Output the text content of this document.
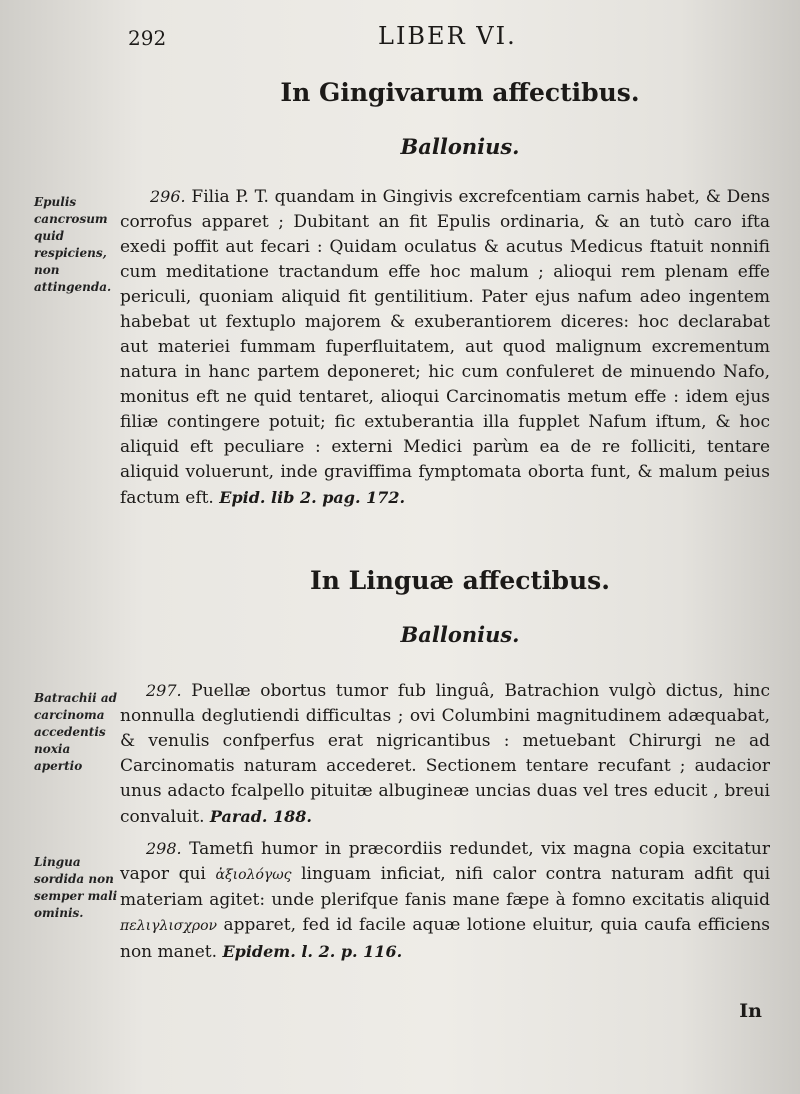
292	LIBER VI.
In Gingivarum affectibus.
Ballonius.
Epulis cancrosum quid respiciens, non attingenda.

296. Filia P. T. quandam in Gingivis excrefcentiam carnis habet, & Dens corrofus apparet ; Dubitant an fit Epulis ordinaria, & an tutò caro ifta exedi poffit aut fecari : Quidam oculatus & acutus Medicus ftatuit nonnifi cum meditatione tractandum effe hoc malum ; alioqui rem plenam effe periculi, quoniam aliquid fit gentilitium. Pater ejus nafum adeo ingentem habebat ut fextuplo majorem & exuberantiorem diceres: hoc declarabat aut materiei fummam fuperfluitatem, aut quod malignum excrementum natura in hanc partem deponeret; hic cum confuleret de minuendo Nafo, monitus eft ne quid tentaret, alioqui Carcinomatis metum effe : idem ejus filiæ contingere potuit; fic extuberantia illa fupplet Nafum iftum, & hoc aliquid eft peculiare : externi Medici parùm ea de re folliciti, tentare aliquid voluerunt, inde graviffima fymptomata oborta funt, & malum peius factum eft. Epid. lib 2. pag. 172.

In Linguæ affectibus.
Ballonius.
Batrachii ad carcinoma accedentis noxia apertio

297. Puellæ obortus tumor fub linguâ, Batrachion vulgò dictus, hinc nonnulla deglutiendi difficultas ; ovi Columbini magnitudinem adæquabat, & venulis confperfus erat nigricantibus : metuebant Chirurgi ne ad Carcinomatis naturam accederet. Sectionem tentare recufant ; audacior unus adacto fcalpello pituitæ albugineæ uncias duas vel tres educit , breui convaluit. Parad. 188.

Lingua sordida non semper mali ominis.

298. Tametfi humor in præcordiis redundet, vix magna copia excitatur vapor qui ἀξιολόγως linguam inficiat, nifi calor contra naturam adfit qui materiam agitet: unde plerifque fanis mane fæpe à fomno excitatis aliquid πελιγλισχρον apparet, fed id facile aquæ lotione eluitur, quia caufa efficiens non manet. Epidem. l. 2. p. 116.

In
